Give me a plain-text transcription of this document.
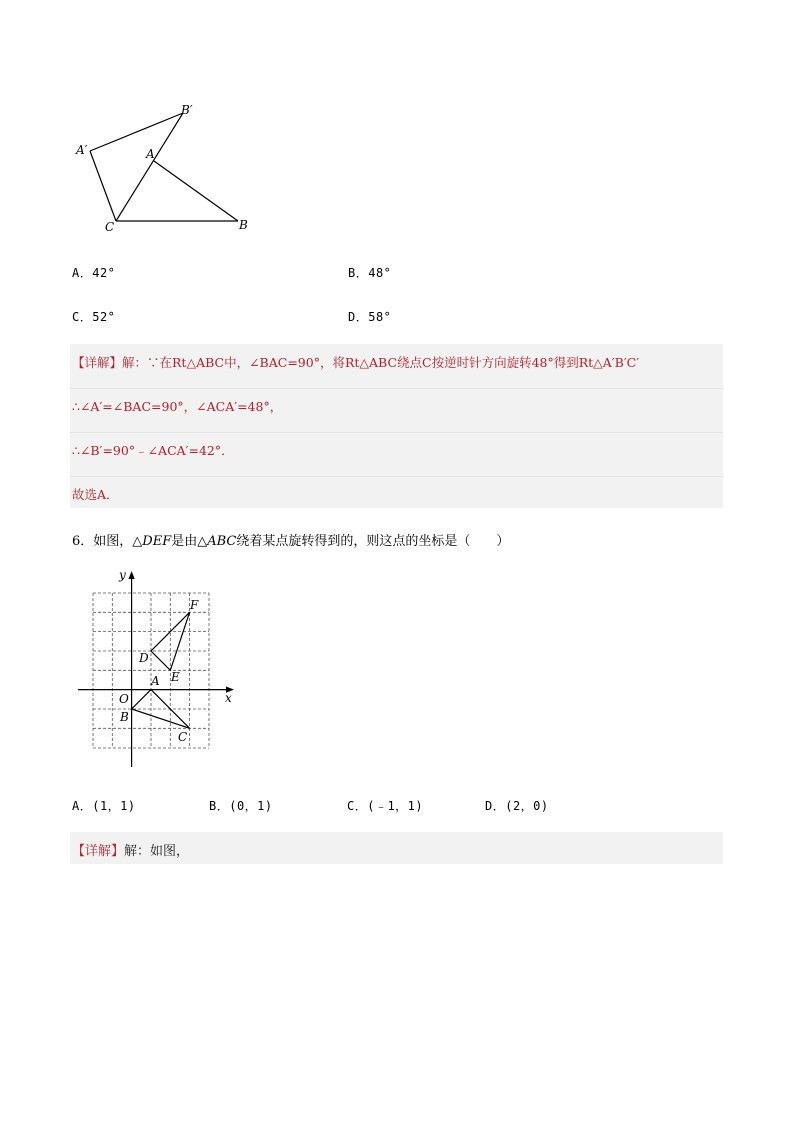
B′
A′	A
C	B
A．42°	B．48°
C．52°	D．58°
【详解】解：∵在Rt△ABC中，∠BAC=90°，将Rt△ABC绕点C按逆时针方向旋转48°得到Rt△A′B′C′
∴∠A′=∠BAC=90°，∠ACA′=48°，
∴∠B′=90°﹣∠ACA′=42°．
故选A．
6．如图，△DEF是由△ABC绕着某点旋转得到的，则这点的坐标是（　　）
y
x
O
A
B
C
D
E
F
A．(1，1)	B．(0，1)	C．(﹣1，1)	D．(2，0)
【详解】解：如图，
